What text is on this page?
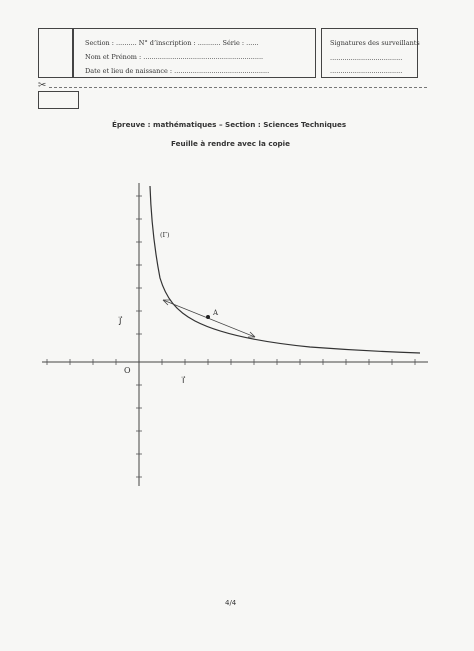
Section : .......... N° d’inscription : ........... Série : ......
Nom et Prénom : ..........................................................
Date et lieu de naissance : ..............................................
Signatures des surveillants
...................................
...................................
✂
Épreuve : mathématiques – Section : Sciences Techniques
Feuille à rendre avec la copie
A
(Γ)
O
j⃗
i⃗
4/4
